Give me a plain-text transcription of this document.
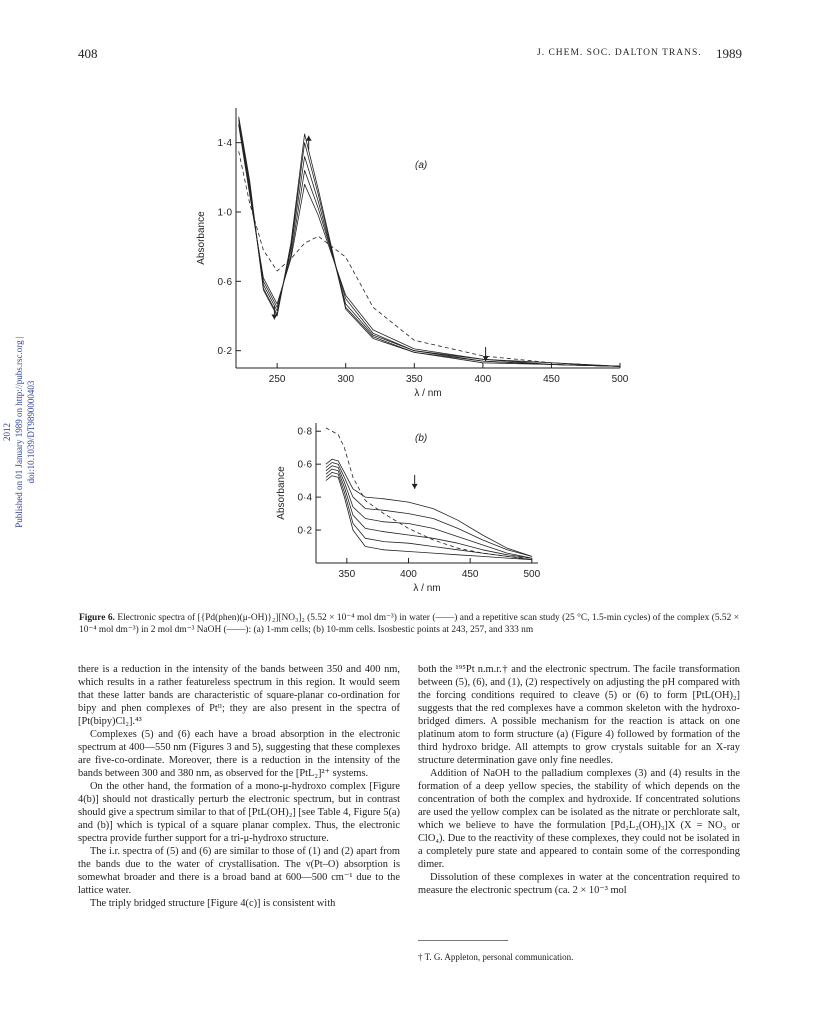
408	J. CHEM. SOC. DALTON TRANS. 1989
2012 Published on 01 January 1989 on http://pubs.rsc.org | doi:10.1039/DT9890000403
250	300	350	400	450	500
0·2
0·6
1·0
1·4
Absorbance
λ / nm
(a)
350	400	450	500
0·2
0·4
0·6
0·8
Absorbance
λ / nm
(b)
Figure 6. Electronic spectra of [{Pd(phen)(μ-OH)}₂][NO₃]₂ (5.52 × 10⁻⁴ mol dm⁻³) in water (——) and a repetitive scan study (25 °C, 1.5-min cycles) of the complex (5.52 × 10⁻⁴ mol dm⁻³) in 2 mol dm⁻³ NaOH (——): (a) 1-mm cells; (b) 10-mm cells. Isosbestic points at 243, 257, and 333 nm

there is a reduction in the intensity of the bands between 350 and 400 nm, which results in a rather featureless spectrum in this region. It would seem that these latter bands are characteristic of square-planar co-ordination for bipy and phen complexes of Ptᴵᴵ; they are also present in the spectra of [Pt(bipy)Cl₂].⁴³

Complexes (5) and (6) each have a broad absorption in the electronic spectrum at 400—550 nm (Figures 3 and 5), suggesting that these complexes are five-co-ordinate. Moreover, there is a reduction in the intensity of the bands between 300 and 380 nm, as observed for the [PtL₂]²⁺ systems.

On the other hand, the formation of a mono-μ-hydroxo complex [Figure 4(b)] should not drastically perturb the electronic spectrum, but in contrast should give a spectrum similar to that of [PtL(OH)₂] [see Table 4, Figure 5(a) and (b)] which is typical of a square planar complex. Thus, the electronic spectra provide further support for a tri-μ-hydroxo structure.

The i.r. spectra of (5) and (6) are similar to those of (1) and (2) apart from the bands due to the water of crystallisation. The ν(Pt–O) absorption is somewhat broader and there is a broad band at 600—500 cm⁻¹ due to the lattice water.

The triply bridged structure [Figure 4(c)] is consistent with

both the ¹⁹⁵Pt n.m.r.† and the electronic spectrum. The facile transformation between (5), (6), and (1), (2) respectively on adjusting the pH compared with the forcing conditions required to cleave (5) or (6) to form [PtL(OH)₂] suggests that the red complexes have a common skeleton with the hydroxo-bridged dimers. A possible mechanism for the reaction is attack on one platinum atom to form structure (a) (Figure 4) followed by formation of the third hydroxo bridge. All attempts to grow crystals suitable for an X-ray structure determination gave only fine needles.

Addition of NaOH to the palladium complexes (3) and (4) results in the formation of a deep yellow species, the stability of which depends on the concentration of both the complex and hydroxide. If concentrated solutions are used the yellow complex can be isolated as the nitrate or perchlorate salt, which we believe to have the formulation [Pd₂L₂(OH)₃]X (X = NO₃ or ClO₄). Due to the reactivity of these complexes, they could not be isolated in a completely pure state and appeared to contain some of the corresponding dimer.

Dissolution of these complexes in water at the concentration required to measure the electronic spectrum (ca. 2 × 10⁻³ mol

† T. G. Appleton, personal communication.
